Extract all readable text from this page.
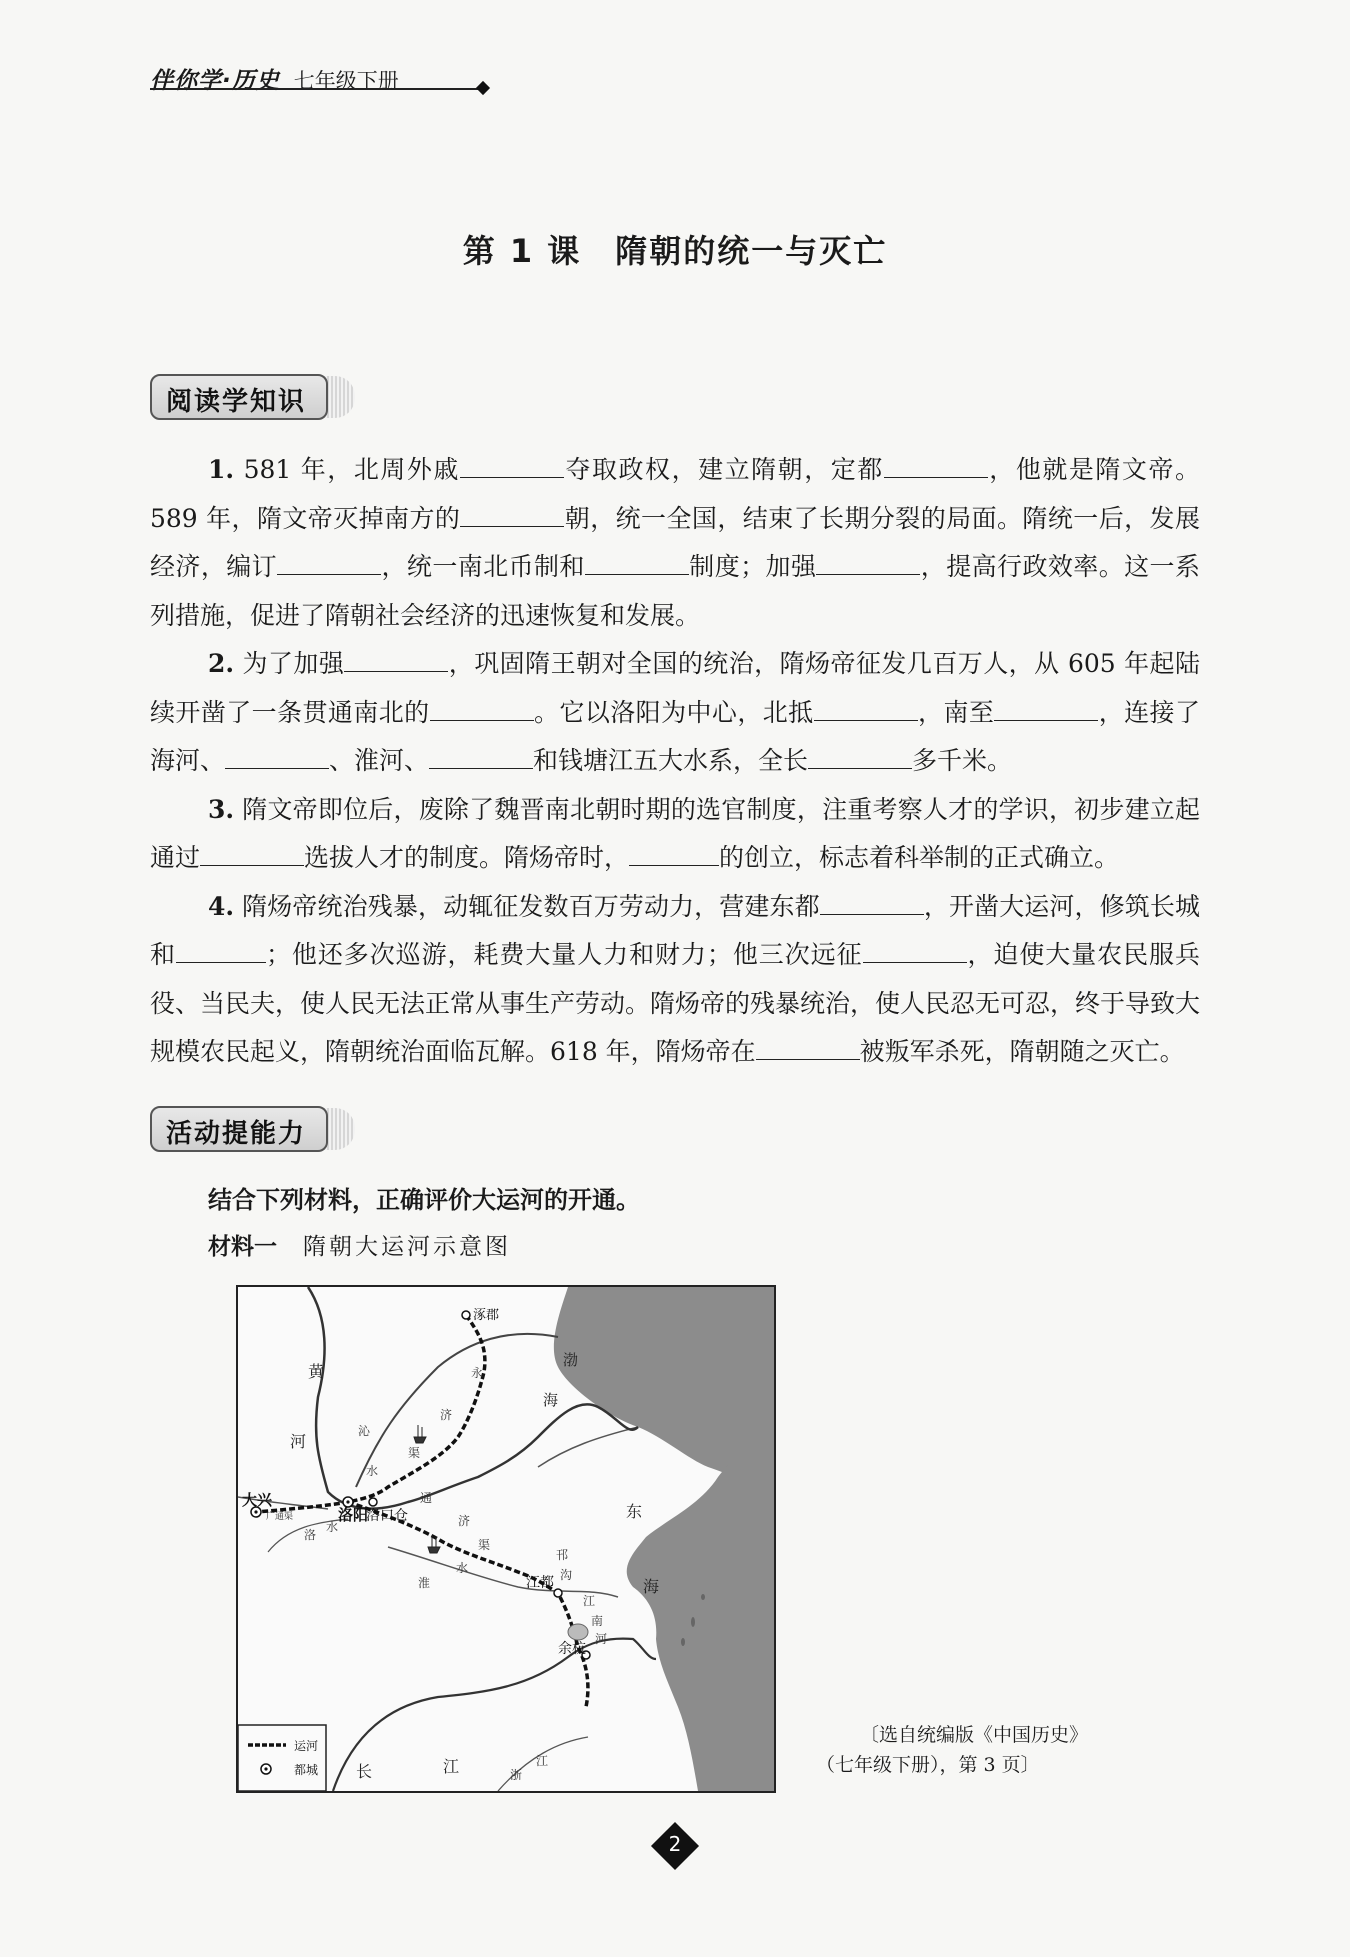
伴你学·历史 七年级下册
第 1 课　隋朝的统一与灭亡
阅读学知识

1. 581 年，北周外戚	夺取政权，建立隋朝，定都	，他就是隋文帝。589 年，隋文帝灭掉南方的	朝，统一全国，结束了长期分裂的局面。隋统一后，发展经济，编订	，统一南北币制和	制度；加强	，提高行政效率。这一系列措施，促进了隋朝社会经济的迅速恢复和发展。

2. 为了加强	，巩固隋王朝对全国的统治，隋炀帝征发几百万人，从 605 年起陆续开凿了一条贯通南北的	。它以洛阳为中心，北抵	，南至	，连接了海河、	、淮河、	和钱塘江五大水系，全长	多千米。

3. 隋文帝即位后，废除了魏晋南北朝时期的选官制度，注重考察人才的学识，初步建立起通过	选拔人才的制度。隋炀帝时，	的创立，标志着科举制的正式确立。

4. 隋炀帝统治残暴，动辄征发数百万劳动力，营建东都	，开凿大运河，修筑长城和	；他还多次巡游，耗费大量人力和财力；他三次远征	，迫使大量农民服兵役、当民夫，使人民无法正常从事生产劳动。隋炀帝的残暴统治，使人民忍无可忍，终于导致大规模农民起义，隋朝统治面临瓦解。618 年，隋炀帝在	被叛军杀死，隋朝随之灭亡。

活动提能力
结合下列材料，正确评价大运河的开通。
材料一 隋朝大运河示意图
涿郡
大兴
洛阳
洛口仓
江都
余杭
渤
海
东
海
黄
河
长	江
永
济
渠
沁
水
通
济
渠
淮
水
洛
水
广通渠
邗
沟
江
南
河
浙
江
运河
都城
〔选自统编版《中国历史》
（七年级下册），第 3 页〕
2
